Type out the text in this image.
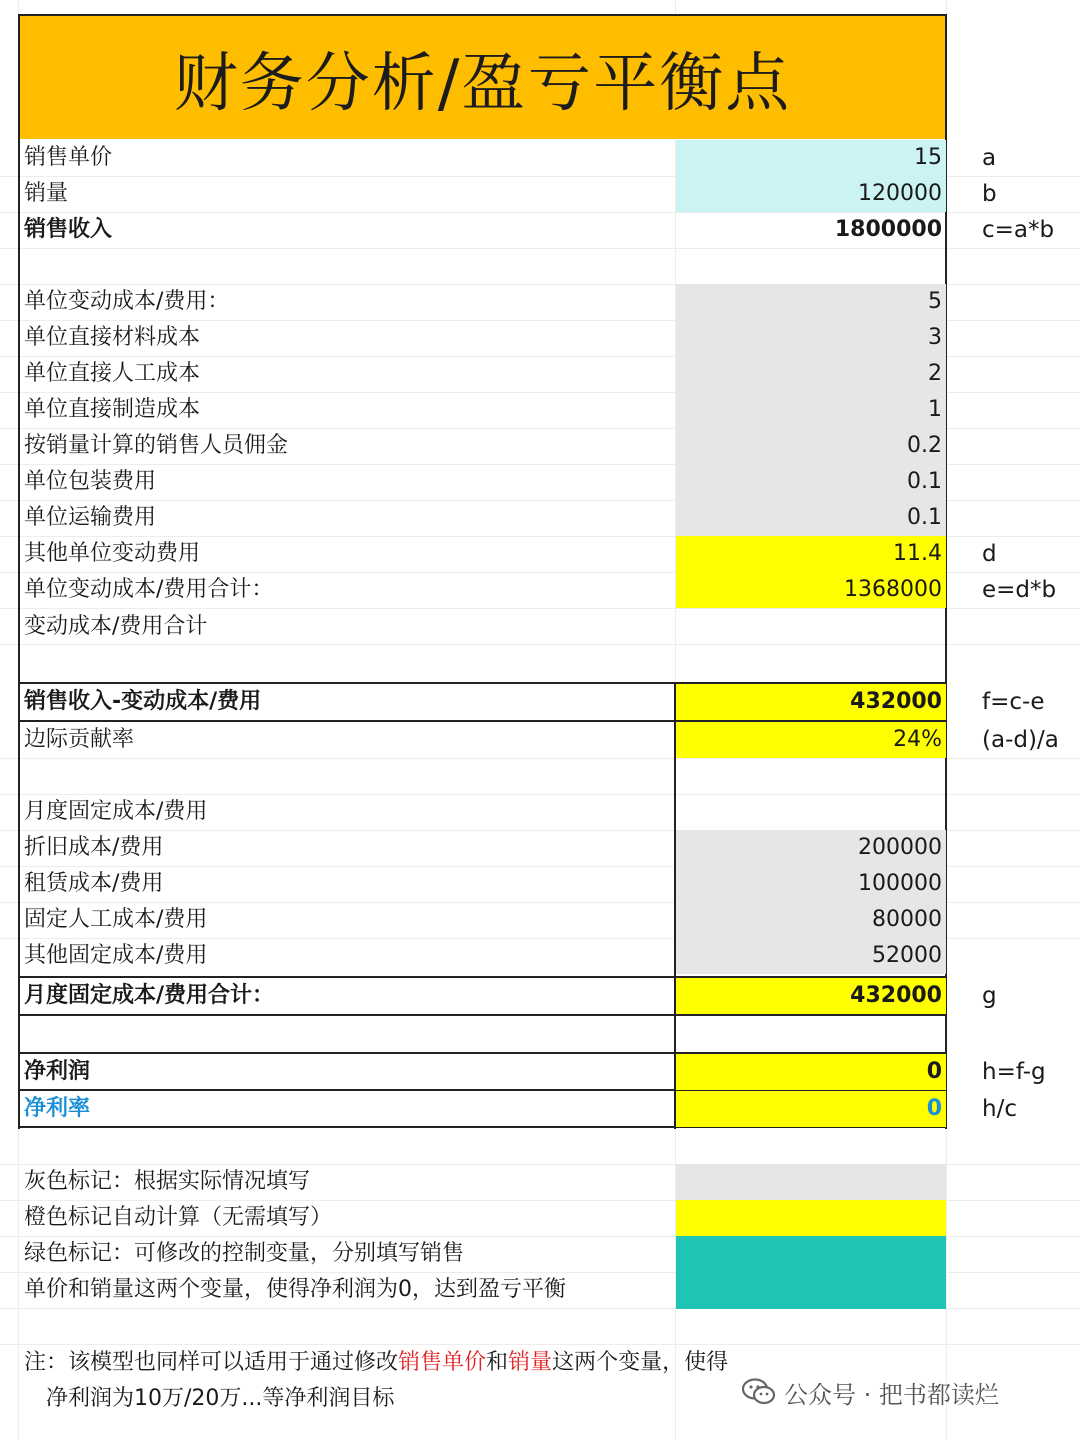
财务分析/盈亏平衡点
销售单价	15 a
销量	120000 b
销售收入	1800000 c=a*b
单位变动成本/费用：	5
单位直接材料成本	3
单位直接人工成本	2
单位直接制造成本	1
按销量计算的销售人员佣金	0.2
单位包装费用	0.1
单位运输费用	0.1
其他单位变动费用	11.4 d
单位变动成本/费用合计：	1368000 e=d*b
变动成本/费用合计
销售收入-变动成本/费用	432000 f=c-e
边际贡献率	24% (a-d)/a
月度固定成本/费用
折旧成本/费用	200000
租赁成本/费用	100000
固定人工成本/费用	80000
其他固定成本/费用	52000
月度固定成本/费用合计：	432000 g
净利润	0 h=f-g
净利率	0 h/c
灰色标记：根据实际情况填写
橙色标记自动计算（无需填写）
绿色标记：可修改的控制变量，分别填写销售
单价和销量这两个变量，使得净利润为0，达到盈亏平衡
注：该模型也同样可以适用于通过修改销售单价和销量这两个变量，使得
净利润为10万/20万...等净利润目标	公众号 · 把书都读烂
